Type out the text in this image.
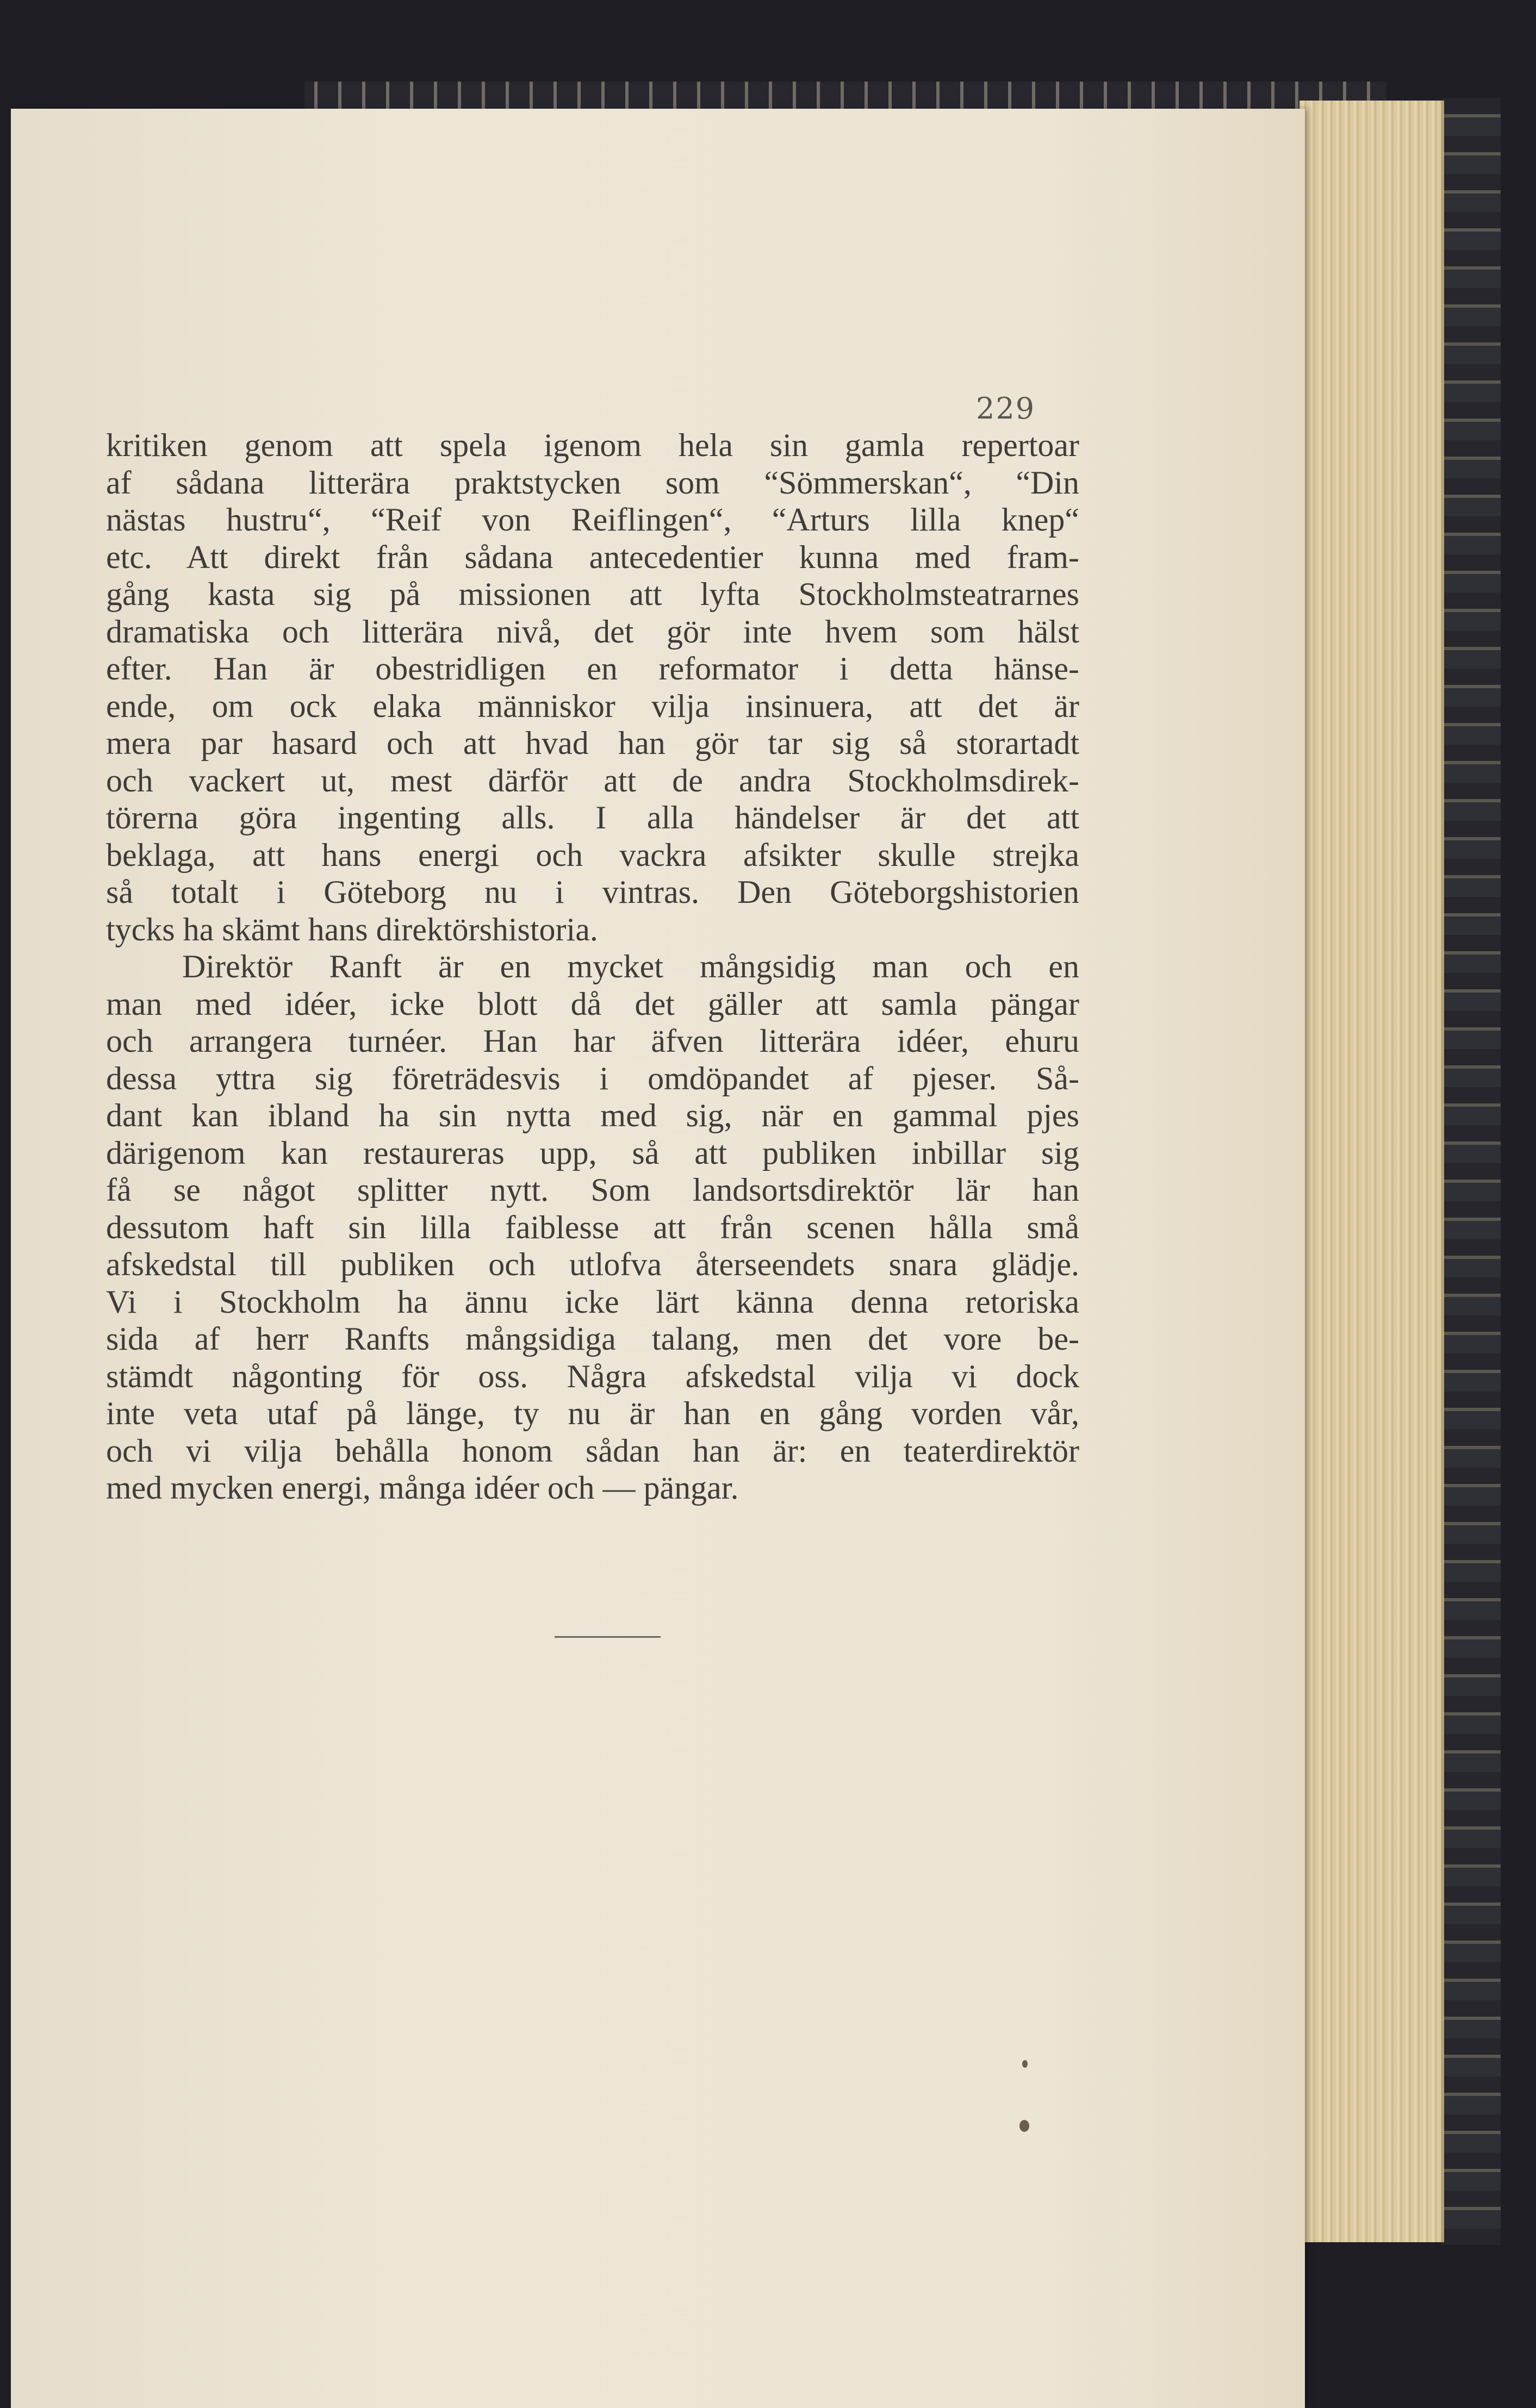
229
kritiken genom att spela igenom hela sin gamla repertoar
af sådana litterära praktstycken som “Sömmerskan“, “Din
nästas hustru“, “Reif von Reiflingen“, “Arturs lilla knep“
etc. Att direkt från sådana antecedentier kunna med fram-
gång kasta sig på missionen att lyfta Stockholmsteatrarnes
dramatiska och litterära nivå, det gör inte hvem som hälst
efter. Han är obestridligen en reformator i detta hänse-
ende, om ock elaka människor vilja insinuera, att det är
mera par hasard och att hvad han gör tar sig så storartadt
och vackert ut, mest därför att de andra Stockholmsdirek-
törerna göra ingenting alls. I alla händelser är det att
beklaga, att hans energi och vackra afsikter skulle strejka
så totalt i Göteborg nu i vintras. Den Göteborgshistorien
tycks ha skämt hans direktörshistoria.
Direktör Ranft är en mycket mångsidig man och en
man med idéer, icke blott då det gäller att samla pängar
och arrangera turnéer. Han har äfven litterära idéer, ehuru
dessa yttra sig företrädesvis i omdöpandet af pjeser. Så-
dant kan ibland ha sin nytta med sig, när en gammal pjes
därigenom kan restaureras upp, så att publiken inbillar sig
få se något splitter nytt. Som landsortsdirektör lär han
dessutom haft sin lilla faiblesse att från scenen hålla små
afskedstal till publiken och utlofva återseendets snara glädje.
Vi i Stockholm ha ännu icke lärt känna denna retoriska
sida af herr Ranfts mångsidiga talang, men det vore be-
stämdt någonting för oss. Några afskedstal vilja vi dock
inte veta utaf på länge, ty nu är han en gång vorden vår,
och vi vilja behålla honom sådan han är: en teaterdirektör
med mycken energi, många idéer och — pängar.
